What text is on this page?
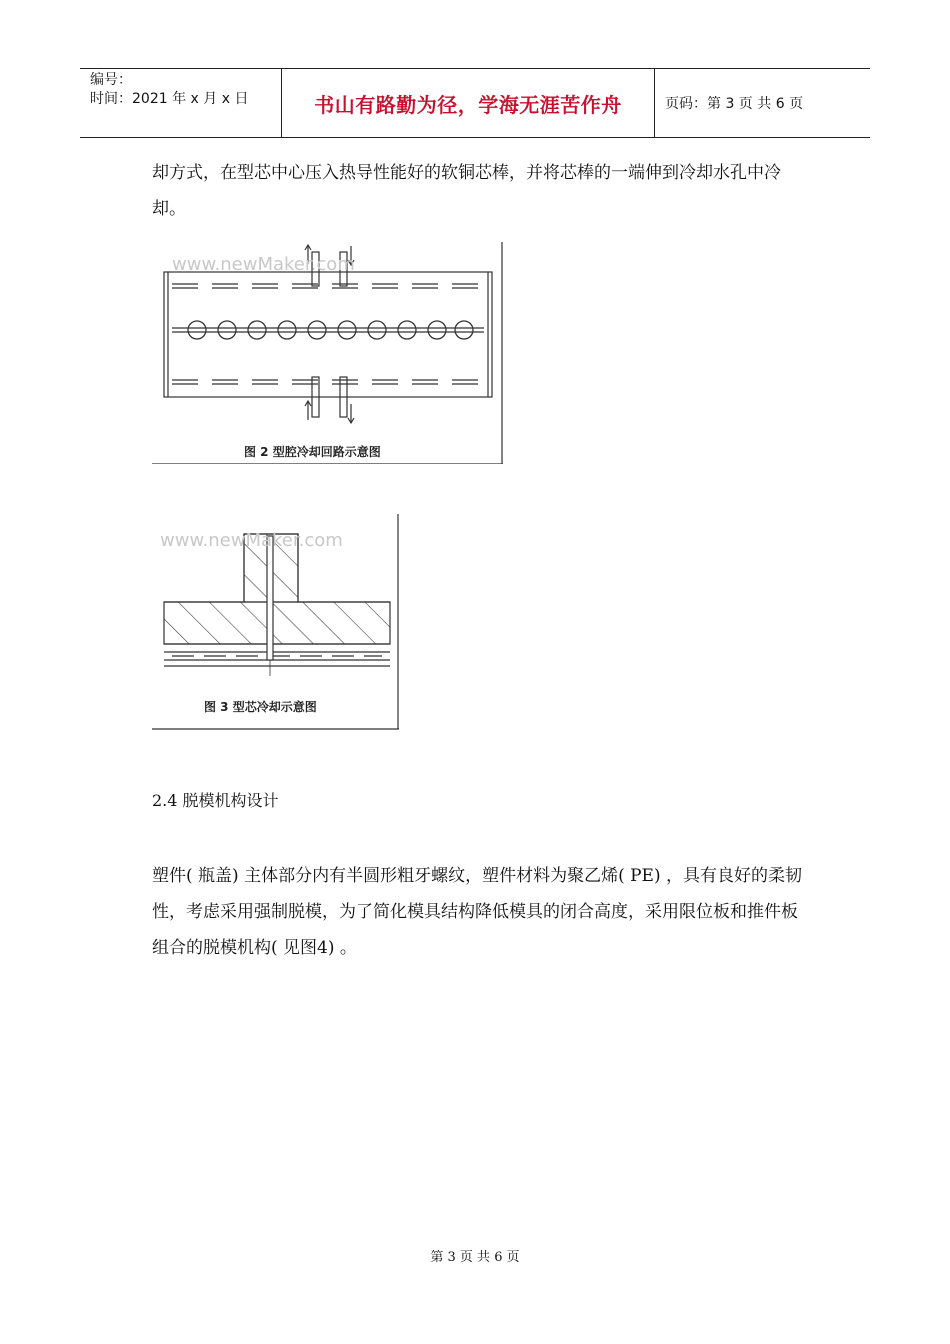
编号：
时间：2021 年 x 月 x 日	书山有路勤为径，学海无涯苦作舟	页码：第 3 页 共 6 页

却方式，在型芯中心压入热导性能好的软铜芯棒，并将芯棒的一端伸到冷却水孔中冷却。

www.newMaker.com
图 2 型腔冷却回路示意图
www.newMaker.com
图 3 型芯冷却示意图

2.4 脱模机构设计

塑件( 瓶盖) 主体部分内有半圆形粗牙螺纹，塑件材料为聚乙烯( PE) ，具有良好的柔韧性，考虑采用强制脱模，为了简化模具结构降低模具的闭合高度，采用限位板和推件板组合的脱模机构( 见图4) 。

第 3 页 共 6 页
